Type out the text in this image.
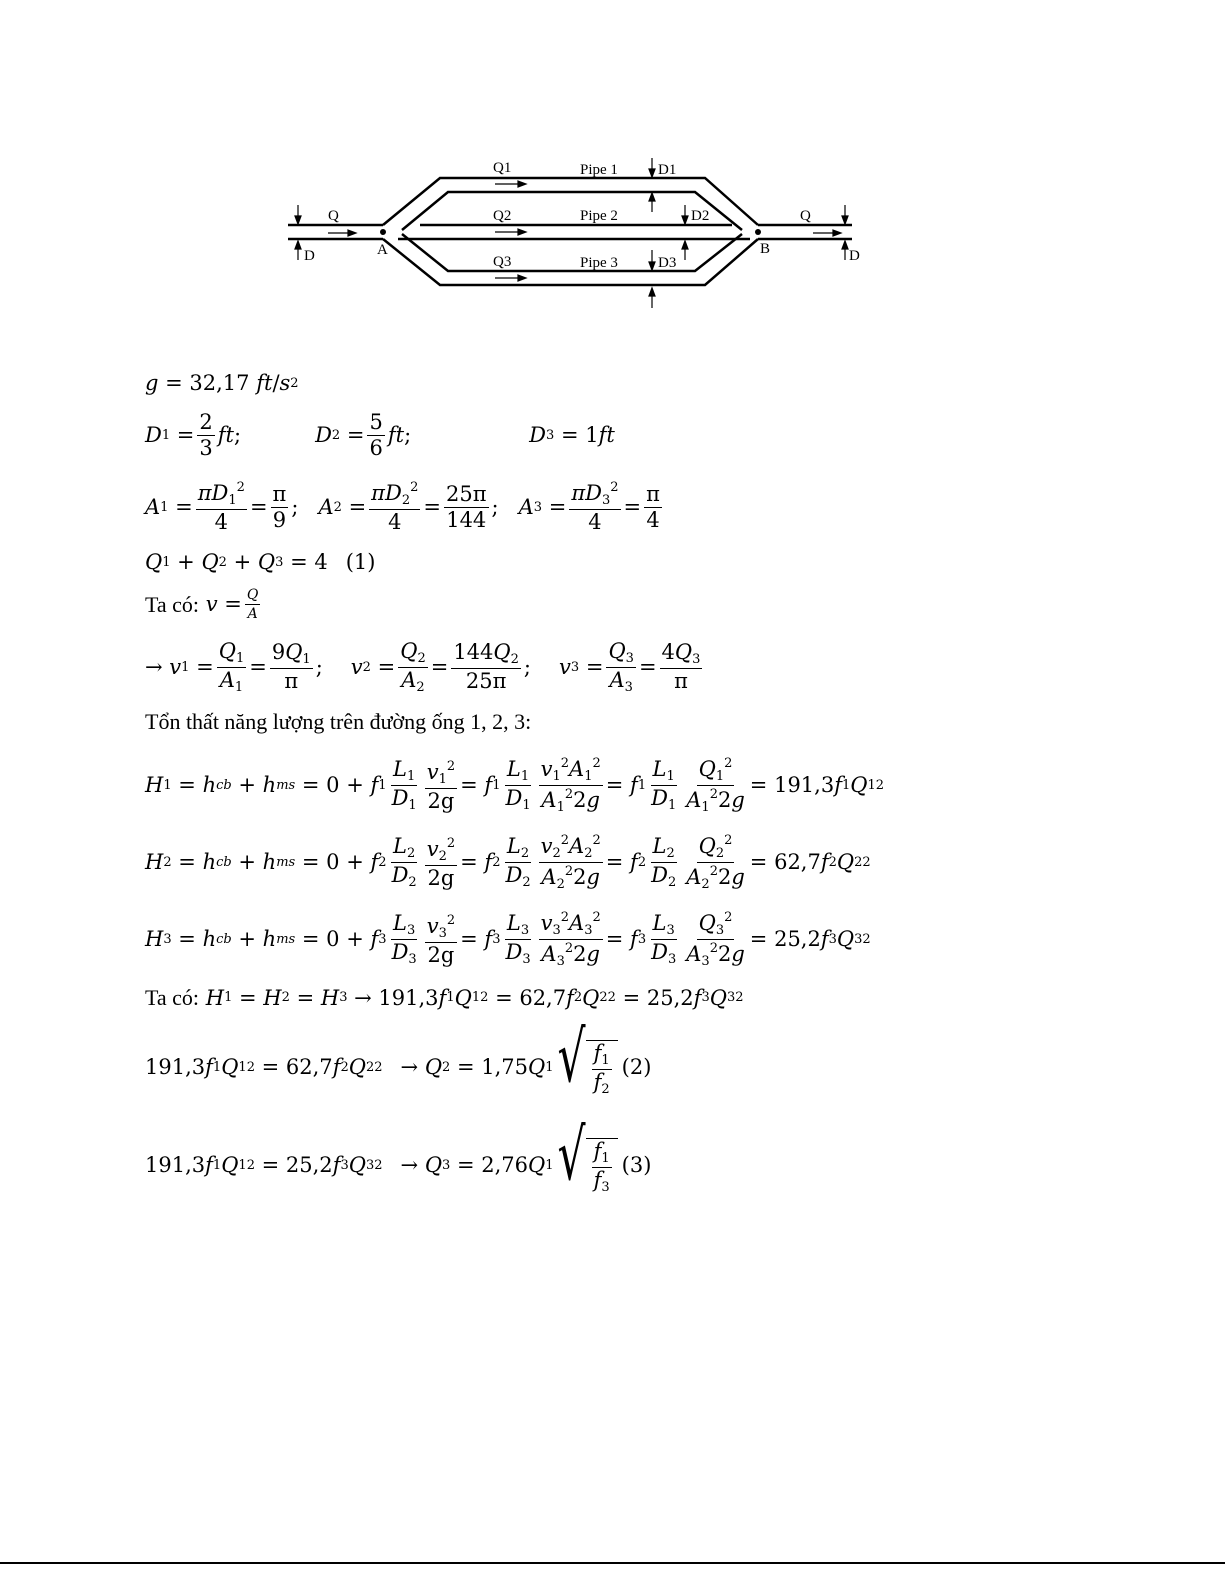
Q
D	A	B
Q
D
Q1
Q2
Q3
Pipe 1
Pipe 2
Pipe 3
D1
D2
D3
g = 32,17
ft / s 2
D $1 = \frac{2}{3}$ ft ;	D $2 = \frac{5}{6}$ ft ;	D 3 = 1 ft
A $1 = \frac{\pi D_1^2}{4} = \frac{\pi}{9}$ ; A $2 = \frac{\pi D_2^2}{4} = \frac{25\pi}{144}$ ; A $3 = \frac{\pi D_3^2}{4} = \frac{\pi}{4}$
Q 1 + Q 2 + Q 3 = 4 (1)
Ta có:
$v = \frac{Q}{A}$
→ v $1 = \frac{Q_1}{A_1} = \frac{9Q_1}{\pi}$ ; v $2 = \frac{Q_2}{A_2} = \frac{144Q_2}{25\pi}$ ; v $3 = \frac{Q_3}{A_3} = \frac{4Q_3}{\pi}$
Tổn thất năng lượng trên đường ống 1, 2, 3:
H 1 = h cb + h ms = 0 + f $1 \frac{L_1}{D_1} \frac{v_1^2}{2g} = f$ $1 \frac{L_1}{D_1} \frac{v_1^2A_1^2}{A_1^22g} = f$ $1 \frac{L_1}{D_1} \frac{Q_1^2}{A_1^22g} = 191,3$ f 1 Q 1 2
H 2 = h cb + h ms = 0 + f $2 \frac{L_2}{D_2} \frac{v_2^2}{2g} = f$ $2 \frac{L_2}{D_2} \frac{v_2^2A_2^2}{A_2^22g} = f$ $2 \frac{L_2}{D_2} \frac{Q_2^2}{A_2^22g} = 62,7$ f 2 Q 2 2
H 3 = h cb + h ms = 0 + f $3 \frac{L_3}{D_3} \frac{v_3^2}{2g} = f$ $3 \frac{L_3}{D_3} \frac{v_3^2A_3^2}{A_3^22g} = f$ $3 \frac{L_3}{D_3} \frac{Q_3^2}{A_3^22g} = 25,2$ f 3 Q 3 2
Ta có:
H 1 = H 2 = H 3 → 191,3 f 1 Q 1 2 = 62,7 f 2 Q 2 2 = 25,2 f 3 Q 3 2
191,3 f 1 Q 1 2 = 62,7 f 2 Q 2 2 → Q 2 = 1,75 Q 1 √ $\frac{f_1}{f_2} (2)$
191,3 f 1 Q 1 2 = 25,2 f 3 Q 3 2 → Q 3 = 2,76 Q 1 √ $\frac{f_1}{f_3} (3)$
